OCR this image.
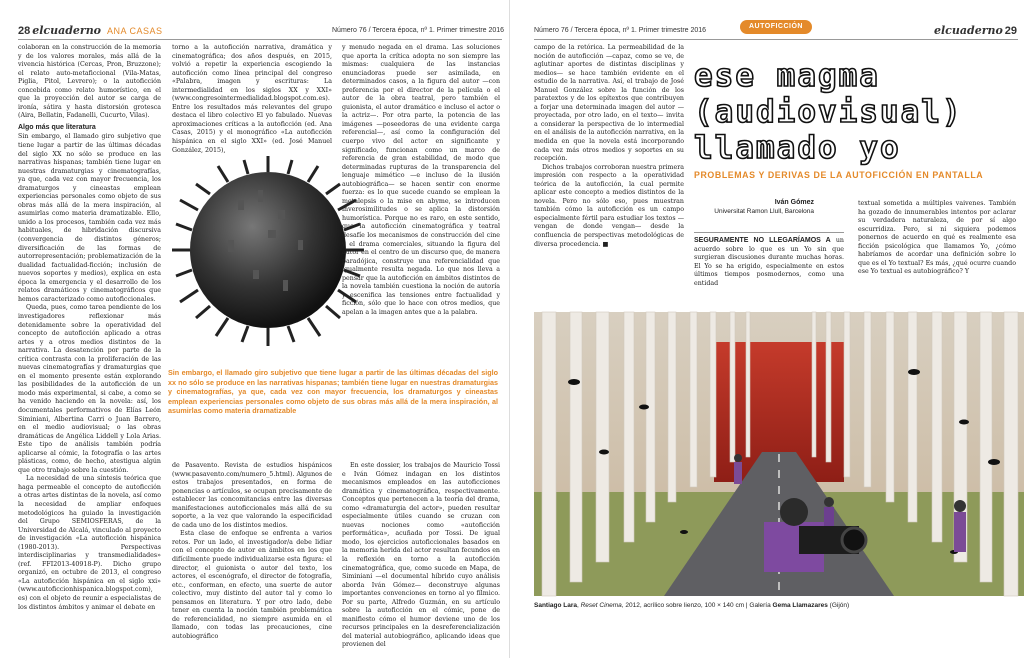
28 elcuaderno ANA CASAS	Número 76 / Tercera época, nº 1. Primer trimestre 2016

colaboran en la construcción de la memoria y de los valores morales, más allá de la vivencia histórica (Cercas, Pron, Bruzzone); el relato auto-metaficcional (Vila-Matas, Piglia, Pitol, Levrero); o la autoficción concebida como relato humorístico, en el que la proyección del autor se carga de ironía, sátira y hasta distorsión grotesca (Aira, Bellatin, Fadanelli, Cucurto, Vilas).

Algo más que literatura

Sin embargo, el llamado giro subjetivo que tiene lugar a partir de las últimas décadas del siglo XX no sólo se produce en las narrativas hispanas; también tiene lugar en nuestras dramaturgias y cinematografías, ya que, cada vez con mayor frecuencia, los dramaturgos y cineastas emplean experiencias personales como objeto de sus obras más allá de la mera inspiración, al asumirlas como materia dramatizable. Ello, unido a los procesos, también cada vez más habituales, de hibridación discursiva (convergencia de distintos géneros; diversificación de las formas de autorrepresentación; problematización de la dualidad factualidad-ficción; inclusión de nuevos soportes y medios), explica en esta época la emergencia y el desarrollo de los relatos dramáticos y cinematográficos que hemos caracterizado como autoficcionales.

Queda, pues, como tarea pendiente de los investigadores reflexionar más detenidamente sobre la operatividad del concepto de autoficción aplicado a otras artes y a otros medios distintos de la narrativa. La desatención por parte de la crítica contrasta con la proliferación de las nuevas cinematografías y dramaturgias que en el momento presente están explorando las posibilidades de la autoficción de un modo más experimental, si cabe, a como se ha venido haciendo en la novela: así, los documentales performativos de Elías León Siminiani, Albertina Carri o Juan Barrero, en el medio audiovisual; o las obras dramáticas de Angélica Liddell y Lola Arias. Este tipo de análisis también podría aplicarse al cómic, la fotografía o las artes plásticas, como, de hecho, atestigua algún que otro trabajo sobre la cuestión.

La necesidad de una síntesis teórica que haga permeable el concepto de autoficción a otras artes distintas de la novela, así como la necesidad de ampliar enfoques metodológicos ha guiado la investigación del Grupo SEMIOSFERAS, de la Universidad de Alcalá, vinculado al proyecto de investigación «La autoficción hispánica (1980-2013). Perspectivas interdisciplinarias y transmedialidades» (ref. FFI2013-40918-P). Dicho grupo organizó, en octubre de 2013, el congreso «La autoficción hispánica en el siglo xxi» (www.autoficcionhispanica.blogspot.com), es) con el objeto de reunir a especialistas de los distintos ámbitos y animar el debate en

torno a la autoficción narrativa, dramática y cinematográfica; dos años después, en 2015, volvió a repetir la experiencia escogiendo la autoficción como línea principal del congreso «Palabra, imagen y escrituras: La intermedialidad en los siglos XX y XXI» (www.congresointermedialidad.blogspot.com.es). Entre los resultados más relevantes del grupo destaca el libro colectivo El yo fabulado. Nuevas aproximaciones críticas a la autoficción (ed. Ana Casas, 2015) y el monográfico «La autoficción hispánica en el siglo XXI» (ed. José Manuel González, 2015),

Sin embargo, el llamado giro subjetivo que tiene lugar a partir de las últimas décadas del siglo xx no sólo se produce en las narrativas hispanas; también tiene lugar en nuestras dramaturgias y cinematografías, ya que, cada vez con mayor frecuencia, los dramaturgos y cineastas emplean experiencias personales como objeto de sus obras más allá de la mera inspiración, al asumirlas como materia dramatizable

de Pasavento. Revista de estudios hispánicos (www.pasavento.com/numero_5.html). Algunos de estos trabajos presentados, en forma de ponencias o artículos, se ocupan precisamente de establecer las concomitancias entre las diversas manifestaciones autoficcionales más allá de su soporte, a la vez que valorando la especificidad de cada uno de los distintos medios.

Esta clase de enfoque se enfrenta a varios retos. Por un lado, el investigador/a debe lidiar con el concepto de autor en ámbitos en los que difícilmente puede individualizarse esta figura: el director, el guionista o autor del texto, los actores, el escenógrafo, el director de fotografía, etc., conforman, en efecto, una suerte de autor colectivo, muy distinto del autor tal y como lo pensamos en literatura. Y por otro lado, debe tener en cuenta la noción también problemática de referencialidad, no siempre asumida en el llamado, con todas las precauciones, cine autobiográfico

y menudo negada en el drama. Las soluciones que aporta la crítica adopta no son siempre las mismas: cualquiera de las instancias enunciadoras puede ser asimilada, en determinados casos, a la figura del autor —con preferencia por el director de la película o el autor de la obra teatral, pero también el guionista, el autor dramático e incluso el actor o la actriz—. Por otra parte, la potencia de las imágenes —poseedoras de una evidente carga referencial—, así como la configuración del cuerpo vivo del actor en significante y significado, funcionan como un marco de referencia de gran estabilidad, de modo que determinadas rupturas de la transparencia del lenguaje mimético —e incluso de la ilusión autobiográfica— se hacen sentir con enorme fuerza: es lo que sucede cuando se emplean la metalepsis o la mise en abyme, se introducen inverosimilitudes o se aplica la distorsión humorística. Porque no es raro, en este sentido, que la autoficción cinematográfica y teatral desafíe los mecanismos de construcción del cine y el drama comerciales, situando la figura del autor en el centro de un discurso que, de manera paradójica, construye una referencialidad que igualmente resulta negada. Lo que nos lleva a pensar que la autoficción en ámbitos distintos de la novela también cuestiona la noción de autoría y escenifica las tensiones entre factualidad y ficción, sólo que lo hace con otros medios, que apelan a la imagen antes que a la palabra.

En este dossier, los trabajos de Mauricio Tossi e Iván Gómez indagan en los distintos mecanismos empleados en las autoficciones dramática y cinematográfica, respectivamente. Conceptos que pertenecen a la teoría del drama, como «dramaturgia del actor», pueden resultar especialmente útiles cuando se cruzan con nuevas nociones como «autoficción performática», acuñada por Tossi. De igual modo, los ejercicios autoficcionales basados en la memoria herida del actor resultan fecundos en la reflexión en torno a la autoficción cinematográfica, que, como sucede en Mapa, de Siminiani —el documental híbrido cuyo análisis aborda Iván Gómez— deconstruye algunas importantes convenciones en torno al yo fílmico. Por su parte, Alfredo Guzmán, en su artículo sobre la autoficción en el cómic, pone de manifiesto cómo el humor deviene uno de los recursos principales en la desreferencialización del material autobiográfico, aplicando ideas que provienen del

Número 76 / Tercera época, nº 1. Primer trimestre 2016
AUTOFICCIÓN	elcuaderno 29

campo de la retórica. La permeabilidad de la noción de autoficción —capaz, como se ve, de aglutinar aportes de distintas disciplinas y medios— se hace también evidente en el estudio de la narrativa. Así, el trabajo de José Manuel González sobre la función de los paratextos y de los epítextos que contribuyen a forjar una determinada imagen del autor —proyectada, por otro lado, en el texto— invita a considerar la perspectiva de lo intermedial en el análisis de la autoficción narrativa, en la medida en que la novela está incorporando cada vez más otros medios y soportes en su recepción.

Dichos trabajos corroboran nuestra primera impresión con respecto a la operatividad teórica de la autoficción, la cual permite aplicar este concepto a medios distintos de la novela. Pero no sólo eso, pues muestran también cómo la autoficción es un campo especialmente fértil para estudiar los textos —vengan de donde vengan— desde la confluencia de perspectivas metodológicas de diversa procedencia. ■

ese magma
(audiovisual)
llamado yo
PROBLEMAS Y DERIVAS DE LA AUTOFICCIÓN EN PANTALLA
Iván Gómez
Universitat Ramon Llull, Barcelona

SEGURAMENTE NO LLEGARÍAMOS A un acuerdo sobre lo que es un Yo sin que surgieran discusiones durante muchas horas. El Yo se ha erigido, especialmente en estos últimos tiempos posmodernos, como una entidad

textual sometida a múltiples vaivenes. También ha gozado de innumerables intentos por aclarar su verdadera naturaleza, de por sí algo escurridiza. Pero, si ni siquiera podemos ponernos de acuerdo en qué es realmente esa ficción psicológica que llamamos Yo, ¿cómo habríamos de acordar una definición sobre lo que es el Yo textual? Es más, ¿qué ocurre cuando ese Yo textual es autobiográfico? Y

Santiago Lara, Reset Cinema, 2012, acrílico sobre lienzo, 100 × 140 cm | Galería Gema Llamazares (Gijón)
